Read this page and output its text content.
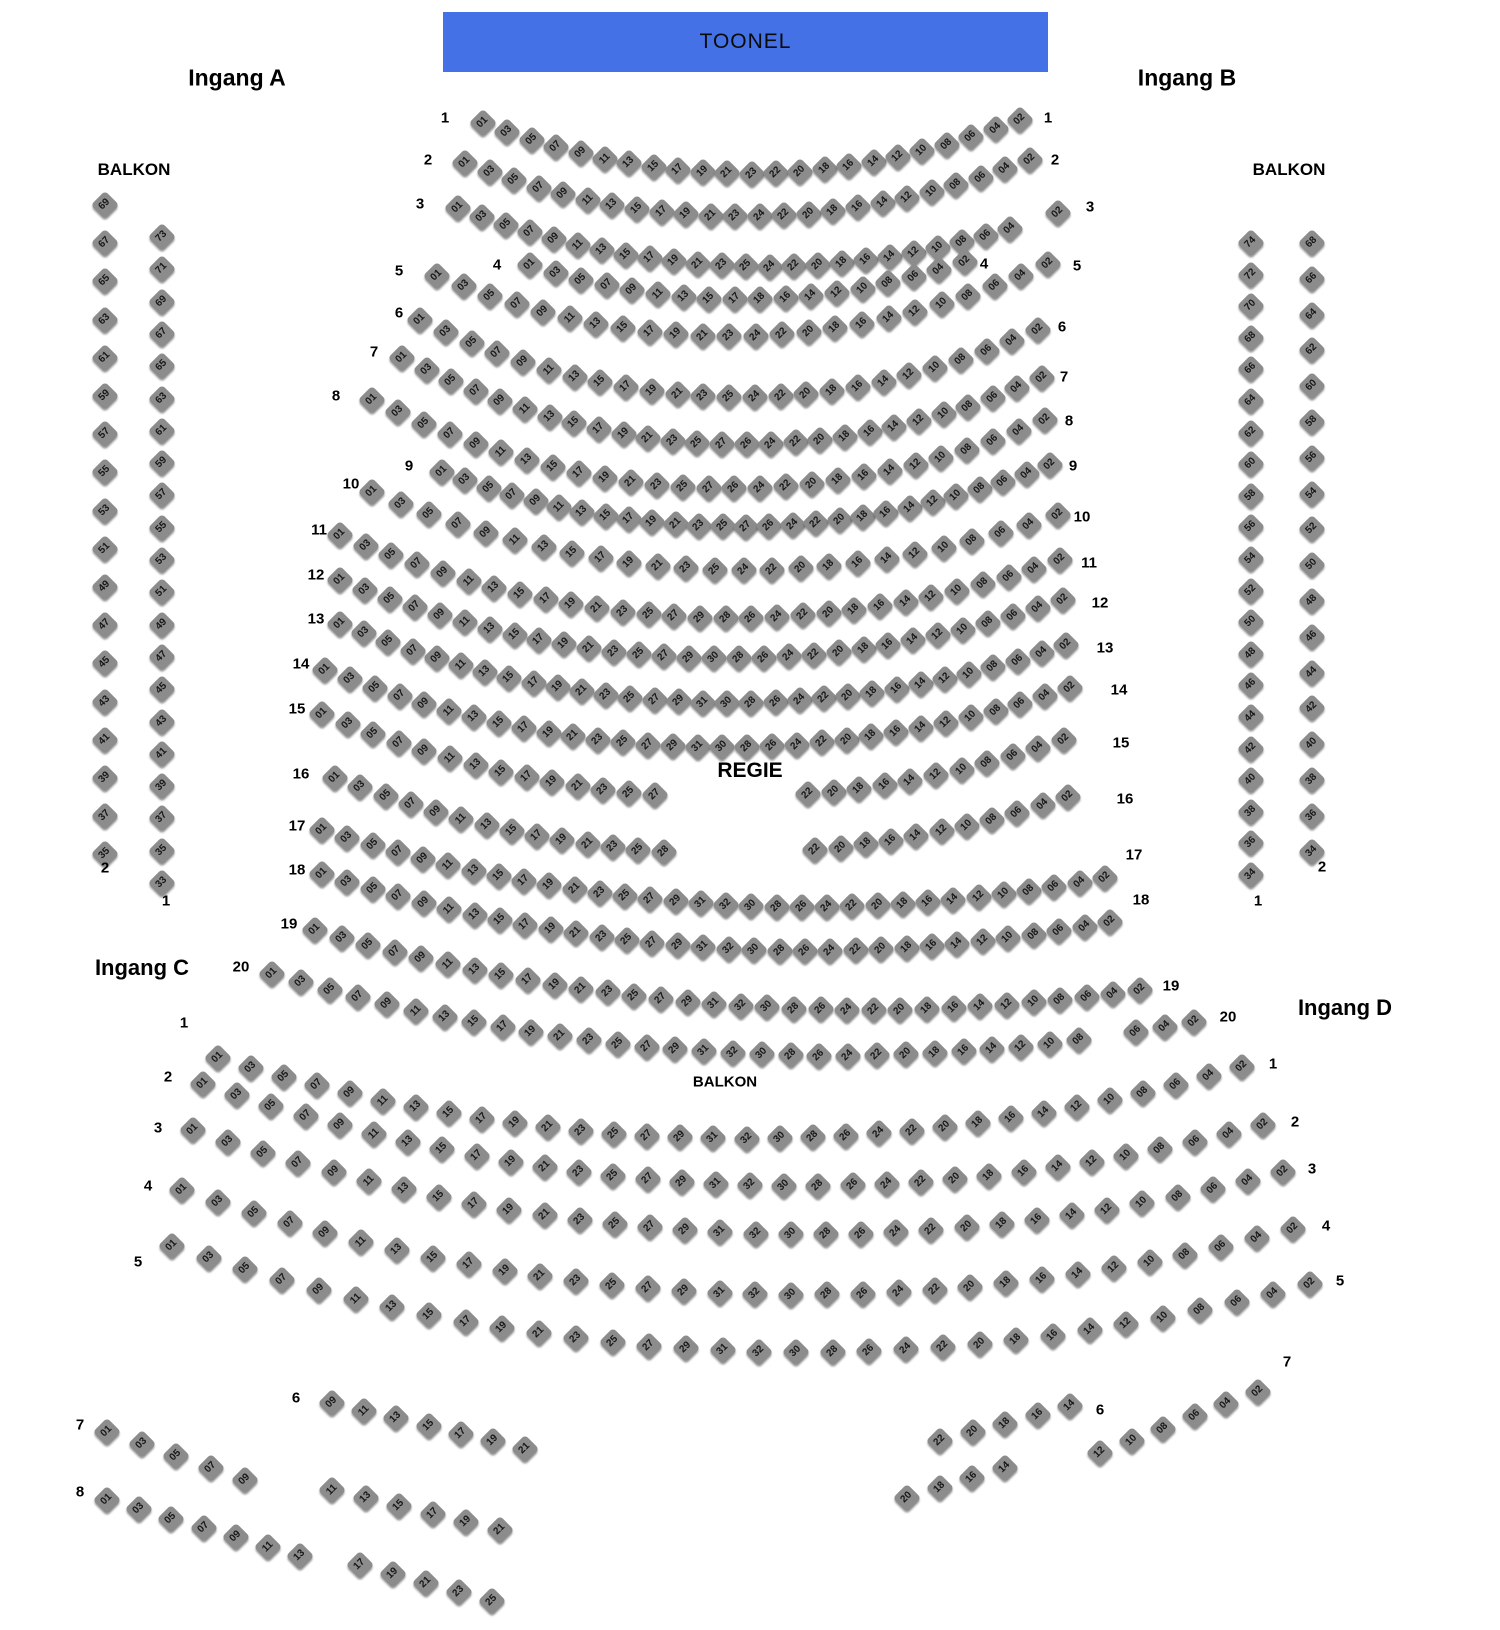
TOONEL
Ingang A	Ingang B
Ingang C
Ingang D
BALKON	BALKON
BALKON
REGIE
01
03
05 07 09 11 13 15 17 19 21 23 22 20 18 16 14 12 10 08 06
04
02
1	1
01
03
05 07 09 11 13 15 17 19 21 23 24 22 20 18 16 14 12 10 08 06
04
02
2	2
01
03
05 07 09 11 13 15 17 19 21 23 25 24 22 20 18 16 14 12 10 08 06 04
02
3	3
01 03 05 07 09 11 13 15 17 18 16 14 12 10 08 06 04
02
4	4
01
03
05
07 09 11 13 15 17 19 21 23 24 22 20 18 16 14 12 10
08
06
04
02
5	5
01
03
05
07
09
11 13 15 17 19 21 23 25 24 22 20 18 16 14 12 10
08
06
04
02
6
6
01
03
05
07
09
11 13 15 17 19 21 23 25 27 26 24 22 20 18 16 14 12 10 08
06
04
02
7
7
01
03
05
07
09
11 13 15 17 19 21 23 25 27 26 24 22 20 18 16 14 12 10
08
06
04
02
8
8
01
03 05 07 09 11 13 15 17 19 21 23 25 27 26 24 22 20 18 16 14 12 10 08 06
04
02
9	9
01
03
05
07
09
11 13 15 17 19 21 23 25 24 22 20 18 16 14 12 10 08 06
04
02
10
10
01
03
05
07
09 11 13 15 17 19 21 23 25 27 29 28 26 24 22 20 18 16 14 12 10 08 06
04
02
11
11
01
03
05
07 09 11 13 15 17 19 21 23 25 27 29 30 28 26 24 22 20 18 16 14 12 10 08 06 04
02
12
12
01
03
05
07 09 11 13 15 17 19 21 23 25 27 29 31 30 28 26 24 22 20 18 16 14 12 10 08 06 04
02
13
13
01
03
05
07 09 11 13 15 17 19 21 23 25 27 29 31 30 28 26 24 22 20 18 16 14 12 10 08 06 04
02
14
14
01
03
05
07
09 11 13 15 17 19 21 23 25 27	22 20 18 16 14 12 10 08 06 04
02
15
15
01
03
05
07 09 11 13 15 17 19 21 23 25 28	22 20 18 16 14 12 10 08 06 04
02
16
16
01 03 05 07 09 11 13 15 17 19 21 23 25 27 29 31 32 30 28 26 24 22 20 18 16 14 12 10 08 06 04 02
17
17
01 03 05 07 09 11 13 15 17 19 21 23 25 27 29 31 32 30 28 26 24 22 20 18 16 14 12 10 08 06 04 02
18
18
01 03 05 07 09 11 13 15 17 19 21 23 25 27 29 31 32 30 28 26 24 22 20 18 16 14 12 10 08 06 04 02
19
19
01
03 05 07 09 11 13 15 17 19 21 23 25 27 29 31 32 30 28 26 24 22 20 18 16 14 12 10 08
06 04 02
20
20
01
03
05
07
09 11 13 15 17 19 21 23 25 27 29 31 32 30 28 26 24 22 20 18 16 14 12 10 08
06
04
02
1
1
01
03
05
07
09
11
13 15 17 19 21 23 25 27 29 31 32 30 28 26 24 22 20 18 16 14 12 10 08 06
04
02
2
2
01
03
05
07
09
11
13 15 17 19 21 23 25 27 29 31 32 30 28 26 24 22 20 18 16 14 12 10 08 06
04
02
3
3
01
03
05
07
09
11
13 15 17 19 21 23 25 27 29 31 32 30 28 26 24 22 20 18 16 14 12 10 08
06
04
02
4
4
01
03
05
07
09
11
13 15 17 19 21 23 25 27 29 31 32 30 28 26 24 22 20 18 16 14 12 10 08
06
04
02
5
5
09 11 13 15 17 19 21
22
20
18
16
14
6
6
01
03
05
07
09
11
13
15
17
19
21
12
10
08
06
04
02
7
7
01
03
05
07
09
11
13
17
19
21
23
25
20
18
16
14
8
69
67
65
63
61
59
57
55
53
51
49
47
45
43
41
39
37
35
2
73
71
69
67
65
63
61
59
57
55
53
51
49
47
45
43
41
39
37
35
33
1
74
72
70
68
66
64
62
60
58
56
54
52
50
48
46
44
42
40
38
36
34
1
68
66
64
62
60
58
56
54
52
50
48
46
44
42
40
38
36
34
2
